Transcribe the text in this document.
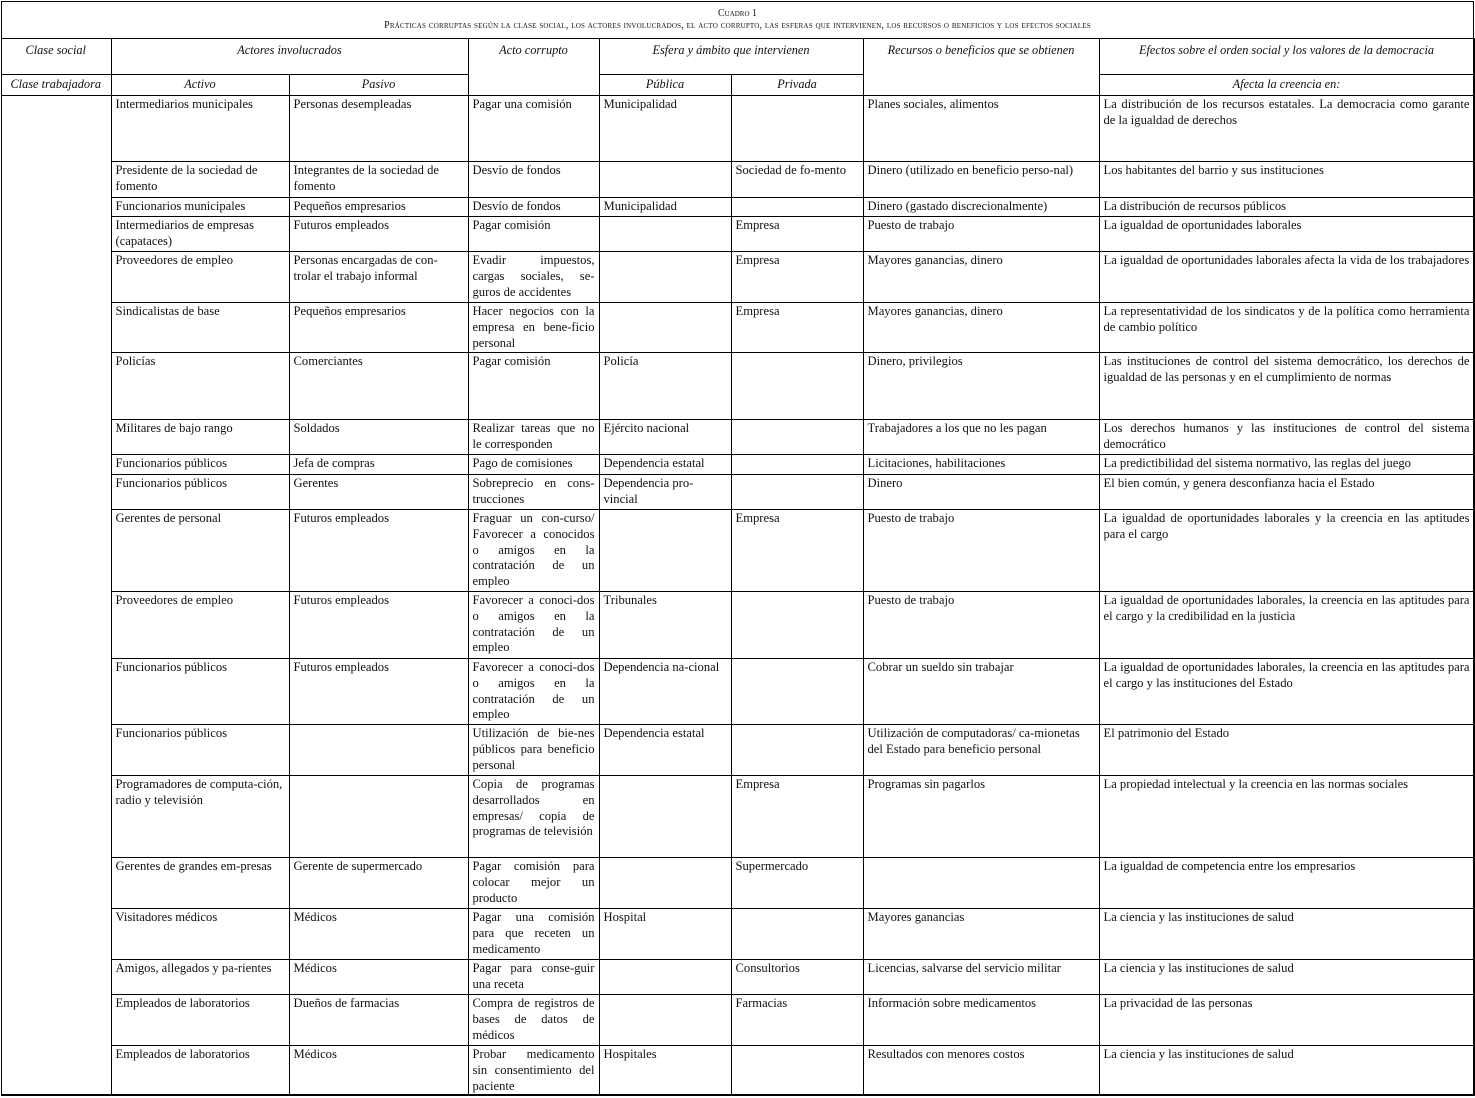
Cuadro 1
Prácticas corruptas según la clase social, los actores involucrados, el acto corrupto, las esferas que intervienen, los recursos o beneficios y los efectos sociales
Clase social	Actores involucrados		Acto corrupto	Esfera y ámbito que intervienen		Recursos o beneficios que se obtienen	Efectos sobre el orden social y los valores de la democracia
Clase trabajadora	Activo	Pasivo		Pública	Privada		Afecta la creencia en:
	Intermediarios municipales	Personas desempleadas	Pagar una comisión	Municipalidad		Planes sociales, alimentos	La distribución de los recursos estatales. La democracia como garante de la igualdad de derechos
	Presidente de la sociedad de fomento	Integrantes de la sociedad de fomento	Desvío de fondos		Sociedad de fo-mento	Dinero (utilizado en beneficio perso-nal)	Los habitantes del barrio y sus instituciones
	Funcionarios municipales	Pequeños empresarios	Desvío de fondos	Municipalidad		Dinero (gastado discrecionalmente)	La distribución de recursos públicos
	Intermediarios de empresas (capataces)	Futuros empleados	Pagar comisión		Empresa	Puesto de trabajo	La igualdad de oportunidades laborales
	Proveedores de empleo	Personas encargadas de con-trolar el trabajo informal	Evadir impuestos, cargas sociales, se-guros de accidentes		Empresa	Mayores ganancias, dinero	La igualdad de oportunidades laborales afecta la vida de los trabajadores
	Sindicalistas de base	Pequeños empresarios	Hacer negocios con la empresa en bene-ficio personal		Empresa	Mayores ganancias, dinero	La representatividad de los sindicatos y de la política como herramienta de cambio político
	Policías	Comerciantes	Pagar comisión	Policía		Dinero, privilegios	Las instituciones de control del sistema democrático, los derechos de igualdad de las personas y en el cumplimiento de normas
	Militares de bajo rango	Soldados	Realizar tareas que no le corresponden	Ejército nacional		Trabajadores a los que no les pagan	Los derechos humanos y las instituciones de control del sistema democrático
	Funcionarios públicos	Jefa de compras	Pago de comisiones	Dependencia estatal		Licitaciones, habilitaciones	La predictibilidad del sistema normativo, las reglas del juego
	Funcionarios públicos	Gerentes	Sobreprecio en cons-trucciones	Dependencia pro-vincial		Dinero	El bien común, y genera desconfianza hacia el Estado
	Gerentes de personal	Futuros empleados	Fraguar un con-curso/ Favorecer a conocidos o amigos en la contratación de un empleo		Empresa	Puesto de trabajo	La igualdad de oportunidades laborales y la creencia en las aptitudes para el cargo
	Proveedores de empleo	Futuros empleados	Favorecer a conoci-dos o amigos en la contratación de un empleo	Tribunales		Puesto de trabajo	La igualdad de oportunidades laborales, la creencia en las aptitudes para el cargo y la credibilidad en la justicia
	Funcionarios públicos	Futuros empleados	Favorecer a conoci-dos o amigos en la contratación de un empleo	Dependencia na-cional		Cobrar un sueldo sin trabajar	La igualdad de oportunidades laborales, la creencia en las aptitudes para el cargo y las instituciones del Estado
	Funcionarios públicos		Utilización de bie-nes públicos para beneficio personal	Dependencia estatal		Utilización de computadoras/ ca-mionetas del Estado para beneficio personal	El patrimonio del Estado
	Programadores de computa-ción, radio y televisión		Copia de programas desarrollados en empresas/ copia de programas de televisión		Empresa	Programas sin pagarlos	La propiedad intelectual y la creencia en las normas sociales
	Gerentes de grandes em-presas	Gerente de supermercado	Pagar comisión para colocar mejor un producto		Supermercado		La igualdad de competencia entre los empresarios
	Visitadores médicos	Médicos	Pagar una comisión para que receten un medicamento	Hospital		Mayores ganancias	La ciencia y las instituciones de salud
	Amigos, allegados y pa-rientes	Médicos	Pagar para conse-guir una receta		Consultorios	Licencias, salvarse del servicio militar	La ciencia y las instituciones de salud
	Empleados de laboratorios	Dueños de farmacias	Compra de registros de bases de datos de médicos		Farmacias	Información sobre medicamentos	La privacidad de las personas
	Empleados de laboratorios	Médicos	Probar medicamento sin consentimiento del paciente	Hospitales		Resultados con menores costos	La ciencia y las instituciones de salud
